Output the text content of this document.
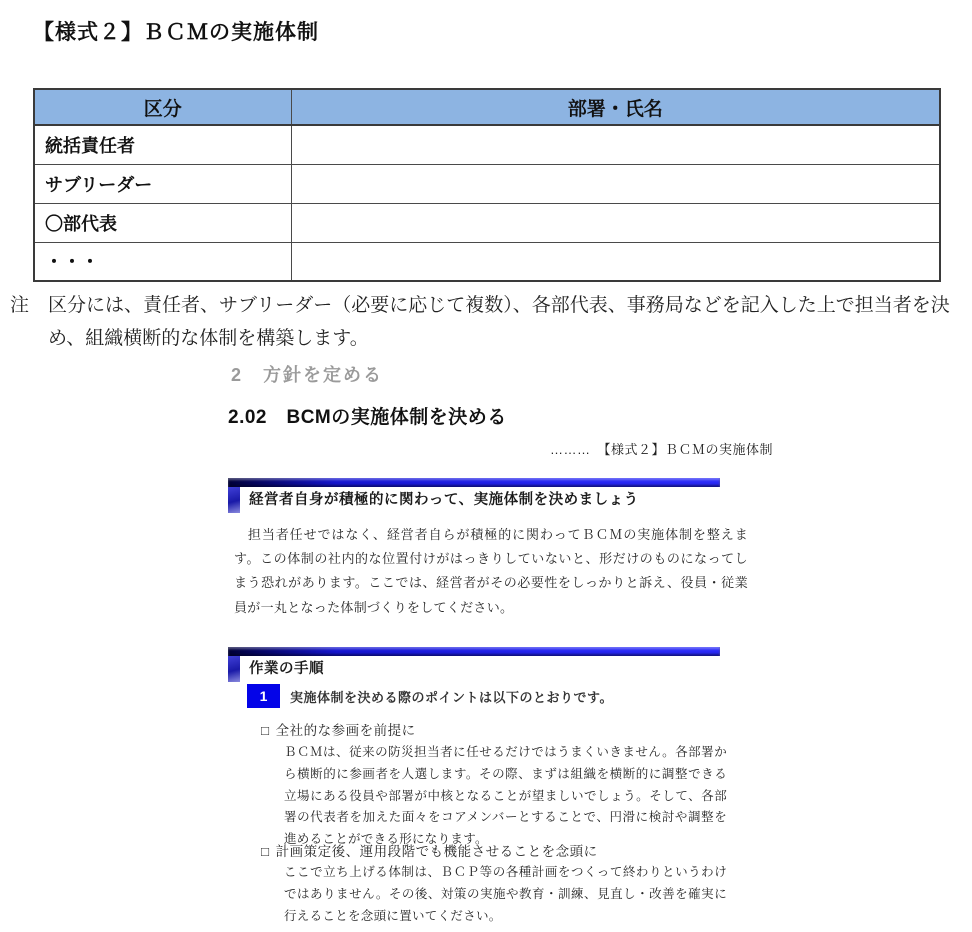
【様式２】ＢＣＭの実施体制
区分	部署・氏名
統括責任者	
サブリーダー	
〇部代表	
・・・	
注 区分には、責任者、サブリーダー（必要に応じて複数）、各部代表、事務局などを記入した上で担当者を決め、組織横断的な体制を構築します。
2　方針を定める
2.02　BCMの実施体制を決める
………　【様式２】ＢＣＭの実施体制
経営者自身が積極的に関わって、実施体制を決めましょう
　担当者任せではなく、経営者自らが積極的に関わってＢＣＭの実施体制を整えます。この体制の社内的な位置付けがはっきりしていないと、形だけのものになってしまう恐れがあります。ここでは、経営者がその必要性をしっかりと訴え、役員・従業員が一丸となった体制づくりをしてください。
作業の手順
1	実施体制を決める際のポイントは以下のとおりです。
□ 全社的な参画を前提に
ＢＣＭは、従来の防災担当者に任せるだけではうまくいきません。各部署から横断的に参画者を人選します。その際、まずは組織を横断的に調整できる立場にある役員や部署が中核となることが望ましいでしょう。そして、各部署の代表者を加えた面々をコアメンバーとすることで、円滑に検討や調整を進めることができる形になります。
□ 計画策定後、運用段階でも機能させることを念頭に
ここで立ち上げる体制は、ＢＣＰ等の各種計画をつくって終わりというわけではありません。その後、対策の実施や教育・訓練、見直し・改善を確実に行えることを念頭に置いてください。
